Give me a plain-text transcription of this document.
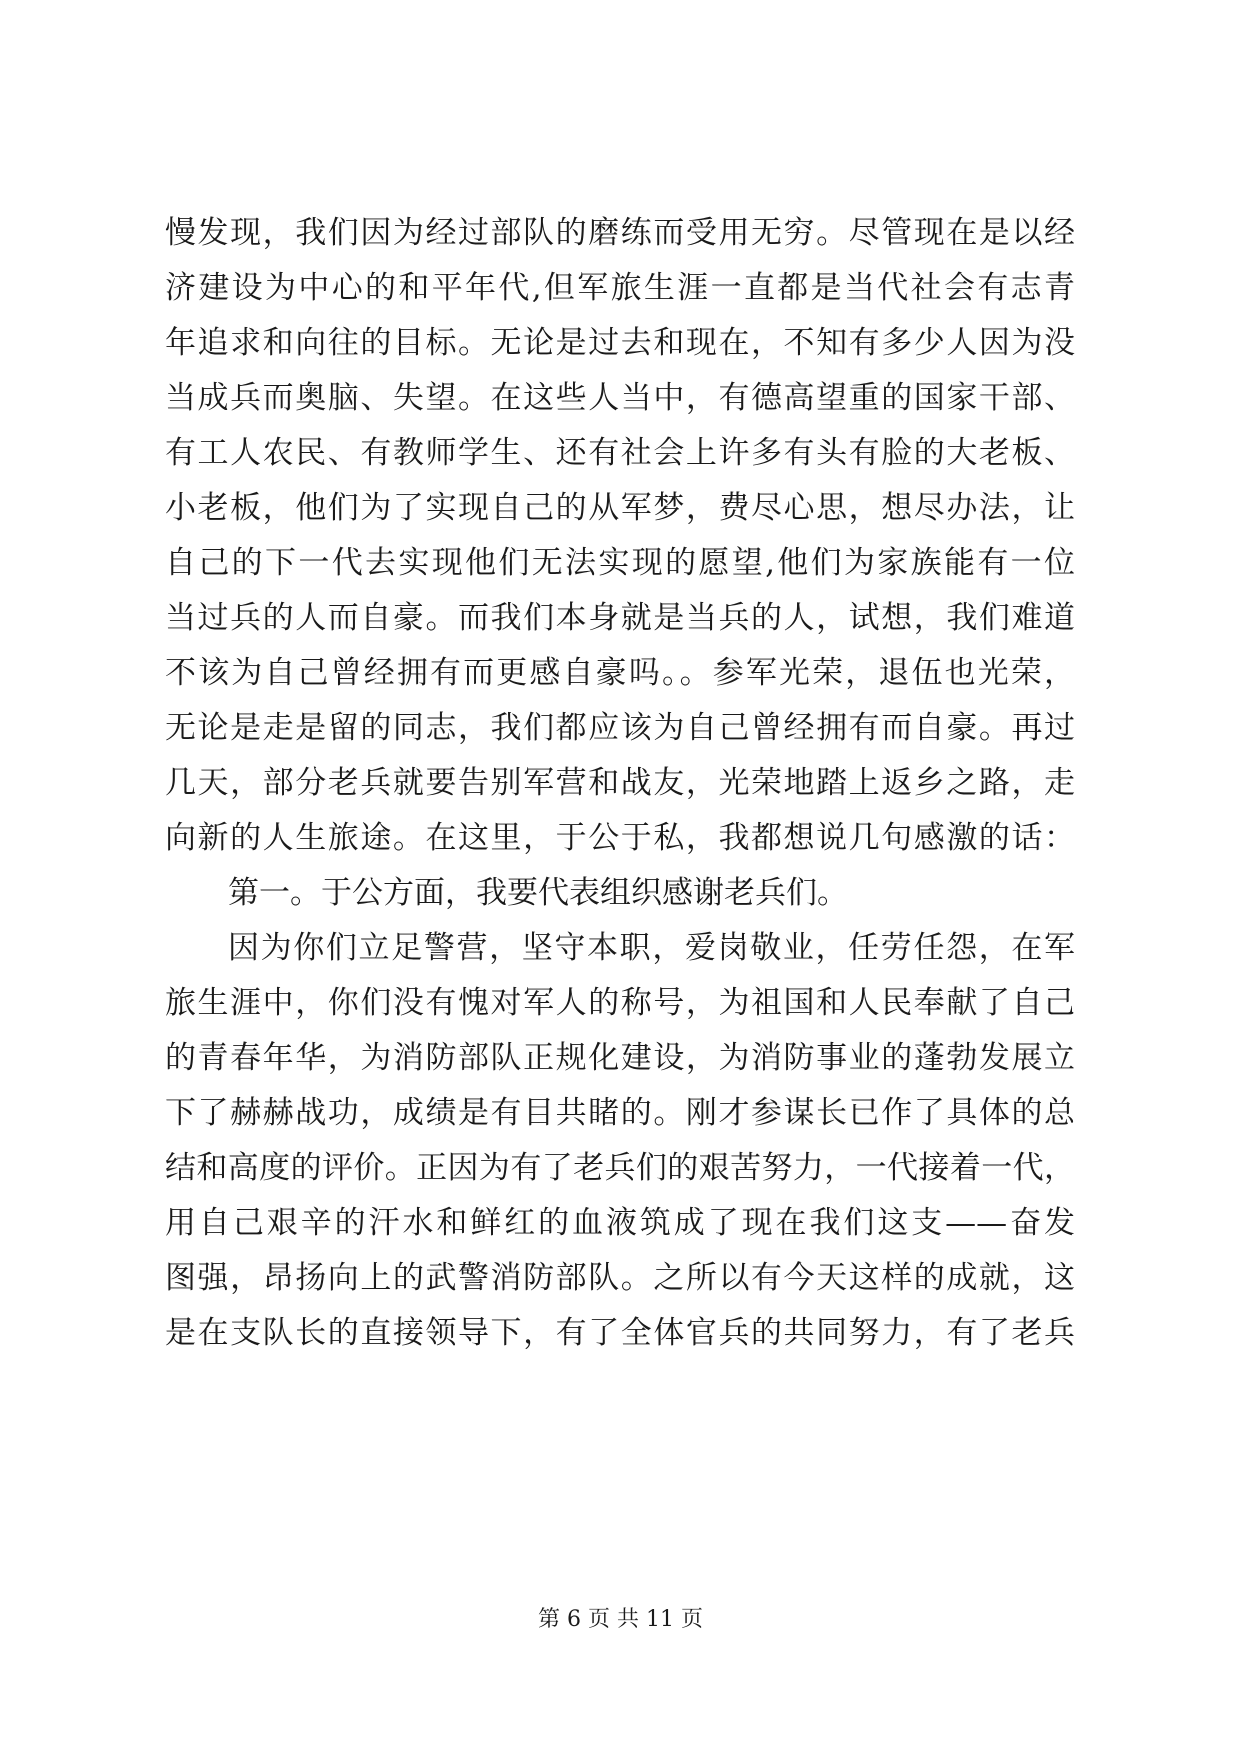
慢发现，我们因为经过部队的磨练而受用无穷。尽管现在是以经
济建设为中心的和平年代,但军旅生涯一直都是当代社会有志青
年追求和向往的目标。无论是过去和现在，不知有多少人因为没
当成兵而奥脑、失望。在这些人当中，有德高望重的国家干部、
有工人农民、有教师学生、还有社会上许多有头有脸的大老板、
小老板，他们为了实现自己的从军梦，费尽心思，想尽办法，让
自己的下一代去实现他们无法实现的愿望,他们为家族能有一位
当过兵的人而自豪。而我们本身就是当兵的人，试想，我们难道
不该为自己曾经拥有而更感自豪吗。。参军光荣，退伍也光荣，
无论是走是留的同志，我们都应该为自己曾经拥有而自豪。再过
几天，部分老兵就要告别军营和战友，光荣地踏上返乡之路，走
向新的人生旅途。在这里，于公于私，我都想说几句感激的话：
第一。于公方面，我要代表组织感谢老兵们。
因为你们立足警营，坚守本职，爱岗敬业，任劳任怨，在军
旅生涯中，你们没有愧对军人的称号，为祖国和人民奉献了自己
的青春年华，为消防部队正规化建设，为消防事业的蓬勃发展立
下了赫赫战功，成绩是有目共睹的。刚才参谋长已作了具体的总
结和高度的评价。正因为有了老兵们的艰苦努力，一代接着一代，
用自己艰辛的汗水和鲜红的血液筑成了现在我们这支——奋发
图强，昂扬向上的武警消防部队。之所以有今天这样的成就，这
是在支队长的直接领导下，有了全体官兵的共同努力，有了老兵
第 6 页 共 11 页
